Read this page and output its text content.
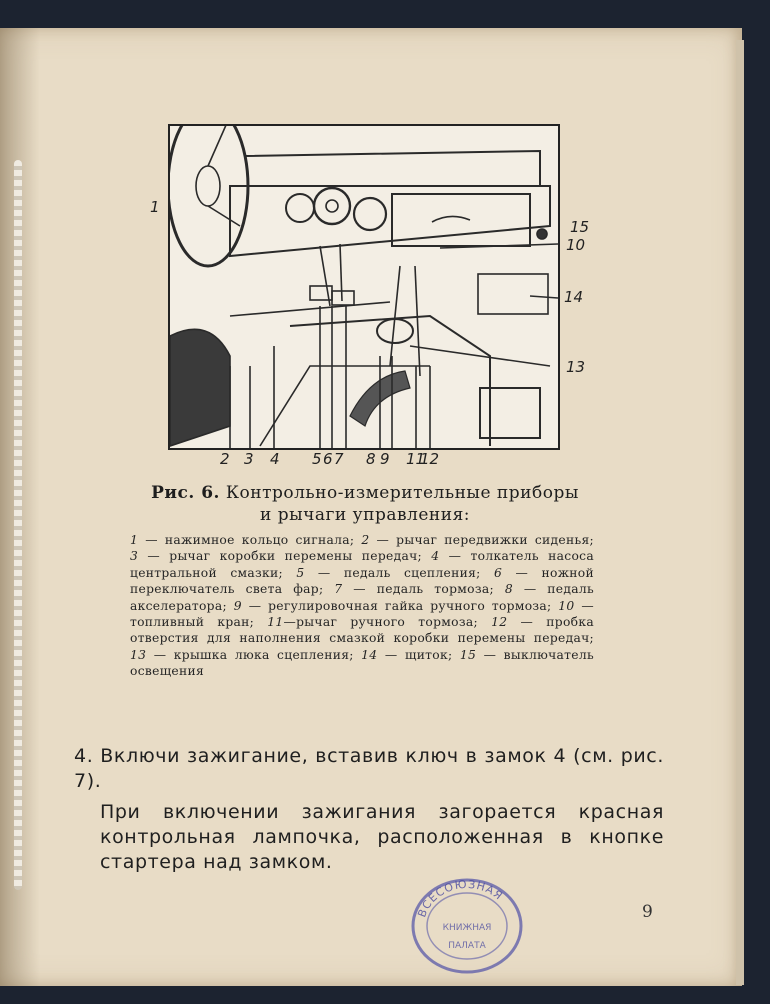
1
2 3 4 5 6 7 8 9 11
12
13
14
15
10
Рис. 6. Контрольно-измерительные приборы
и рычаги управления:
1 — нажимное кольцо сигнала; 2 — рычаг передвижки сиденья; 3 — рычаг коробки перемены передач; 4 — толкатель насоса центральной смазки; 5 — педаль сцепления; 6 — ножной переключатель света фар; 7 — педаль тормоза; 8 — педаль акселератора; 9 — регулировочная гайка ручного тормоза; 10 — топливный кран; 11—рычаг ручного тормоза; 12 — пробка отверстия для наполнения смазкой коробки перемены передач; 13 — крышка люка сцепления; 14 — щиток; 15 — выключатель освещения
4. Включи зажигание, вставив ключ в замок 4 (см. рис. 7).
При включении зажигания загорается красная контрольная лампочка, расположенная в кнопке стартера над замком.
9
ВСЕСОЮЗНАЯ
КНИЖНАЯ
ПАЛАТА
